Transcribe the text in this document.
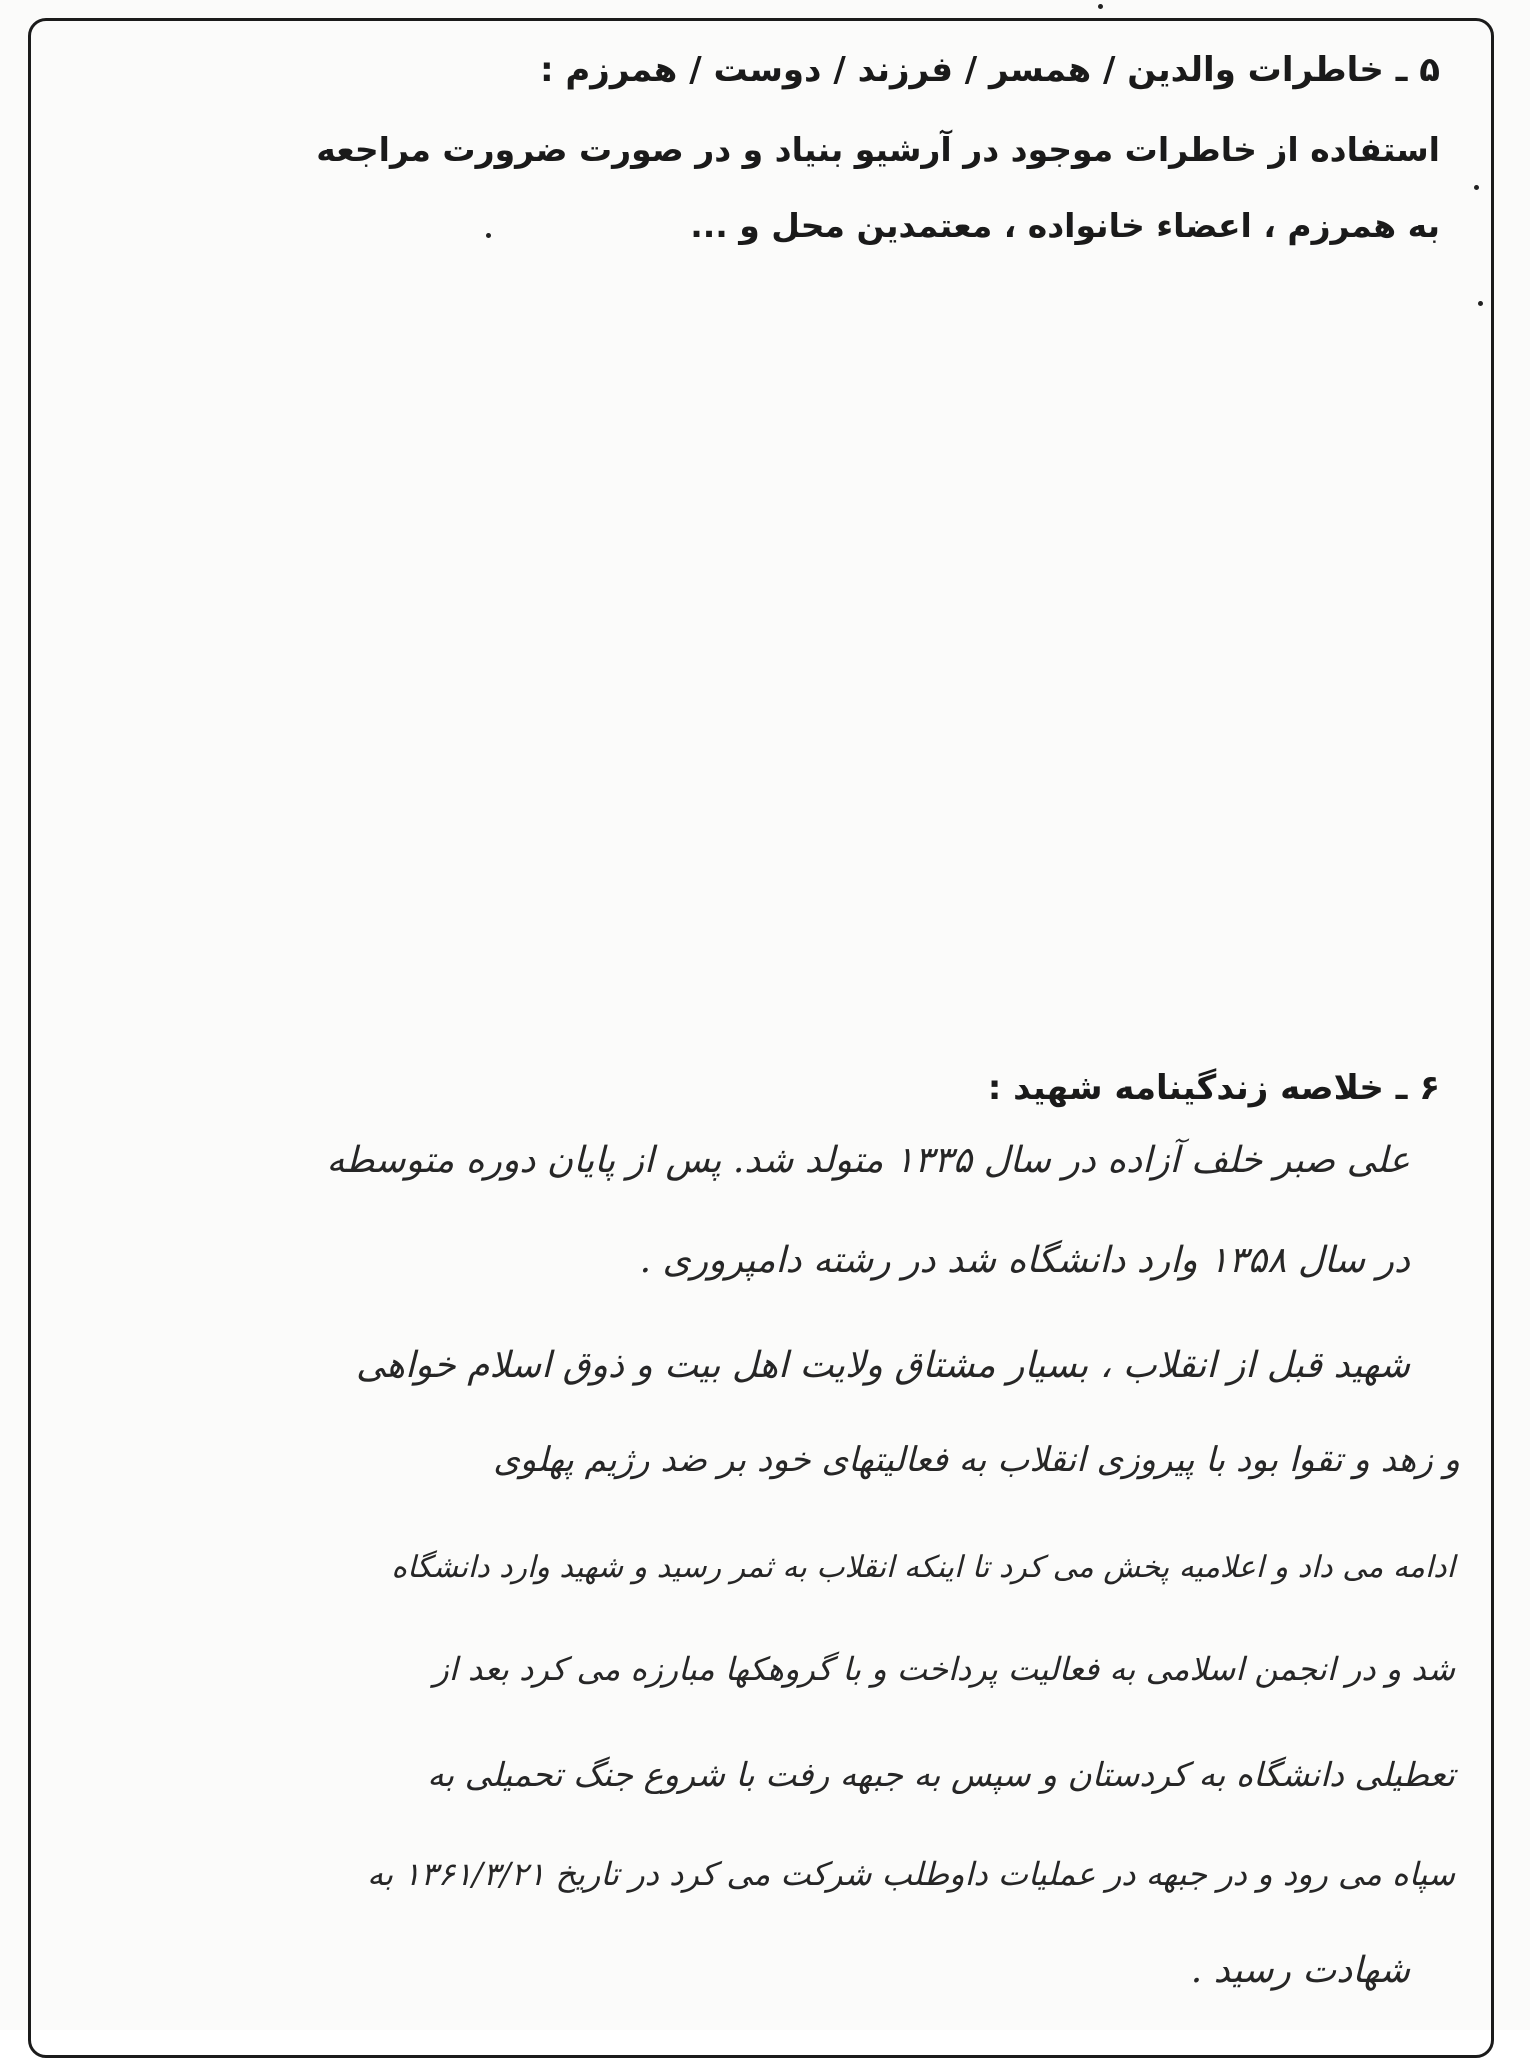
۵ ـ خاطرات والدین / همسر / فرزند / دوست / همرزم :
استفاده از خاطرات موجود در آرشیو بنیاد و در صورت ضرورت مراجعه
به همرزم ، اعضاء خانواده ، معتمدین محل و ...
۶ ـ خلاصه زندگینامه شهید :
علی صبر خلف آزاده در سال ۱۳۳۵ متولد شد. پس از پایان دوره متوسطه
در سال ۱۳۵۸ وارد دانشگاه شد در رشته دامپروری .
شهید قبل از انقلاب ، بسیار مشتاق ولایت اهل بیت و ذوق اسلام خواهی
و زهد و تقوا بود با پیروزی انقلاب به فعالیتهای خود بر ضد رژیم پهلوی
ادامه می داد و اعلامیه پخش می کرد تا اینکه انقلاب به ثمر رسید و شهید وارد دانشگاه
شد و در انجمن اسلامی به فعالیت پرداخت و با گروهکها مبارزه می کرد بعد از
تعطیلی دانشگاه به کردستان و سپس به جبهه رفت با شروع جنگ تحمیلی به
سپاه می رود و در جبهه در عملیات داوطلب شرکت می کرد در تاریخ ۱۳۶۱/۳/۲۱ به
شهادت رسید .
